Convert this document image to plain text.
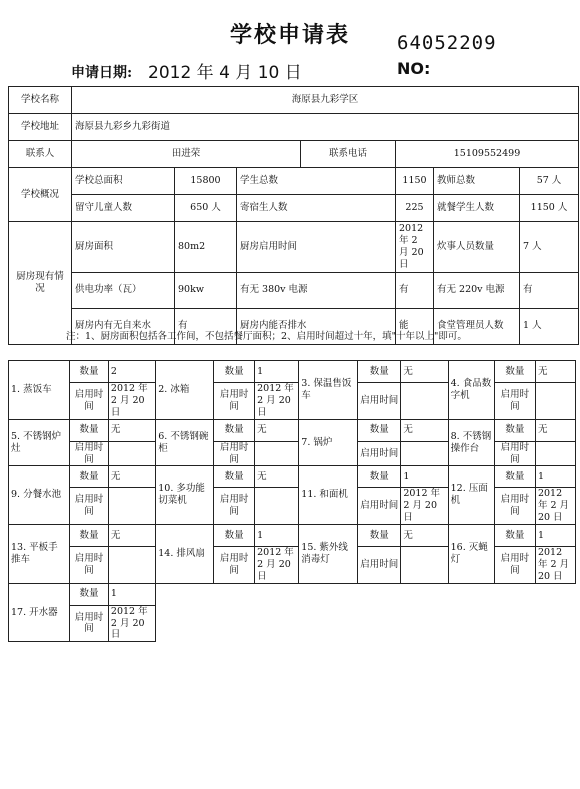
学校申请表	64052209
申请日期: 2012 年 4 月 10 日	NO:
学校名称	海原县九彩学区						
学校地址	海原县九彩乡九彩街道						
联系人	田进荣			联系电话	15109552499		
学校概况	学校总面积	15800	学生总数		1150	教师总数	57 人
	留守儿童人数	650 人	寄宿生人数		225	就餐学生人数	1150 人
厨房现有情况	厨房面积	80m2	厨房启用时间		2012 年 2 月 20 日	炊事人员数量	7 人
	供电功率（瓦）	90kw	有无 380v 电源		有	有无 220v 电源	有
	厨房内有无自来水	有	厨房内能否排水		能	食堂管理员人数	1 人
注：1、厨房面积包括各工作间，不包括餐厅面积；2、启用时间超过十年，填"十年以上"即可。
1. 蒸饭车	数量	2	2. 冰箱	数量	1	3. 保温售饭车	数量	无	4. 食品数字机	数量	无
	启用时间	2012 年 2 月 20 日		启用时间	2012 年 2 月 20 日		启用时间			启用时间	

5. 不锈钢炉灶	数量	无	6. 不锈钢碗柜	数量	无	7. 锅炉	数量	无	8. 不锈钢操作台	数量	无
	启用时间			启用时间			启用时间			启用时间	

9. 分餐水池	数量	无	10. 多功能切菜机	数量	无	11. 和面机	数量	1	12. 压面机	数量	1
	启用时间			启用时间			启用时间	2012 年 2 月 20 日		启用时间	2012 年 2 月 20 日

13. 平板手推车	数量	无	14. 排风扇	数量	1	15. 紫外线消毒灯	数量	无	16. 灭蝇灯	数量	1
	启用时间			启用时间	2012 年 2 月 20 日		启用时间			启用时间	2012 年 2 月 20 日

17. 开水器	数量	1									
	启用时间	2012 年 2 月 20 日									
